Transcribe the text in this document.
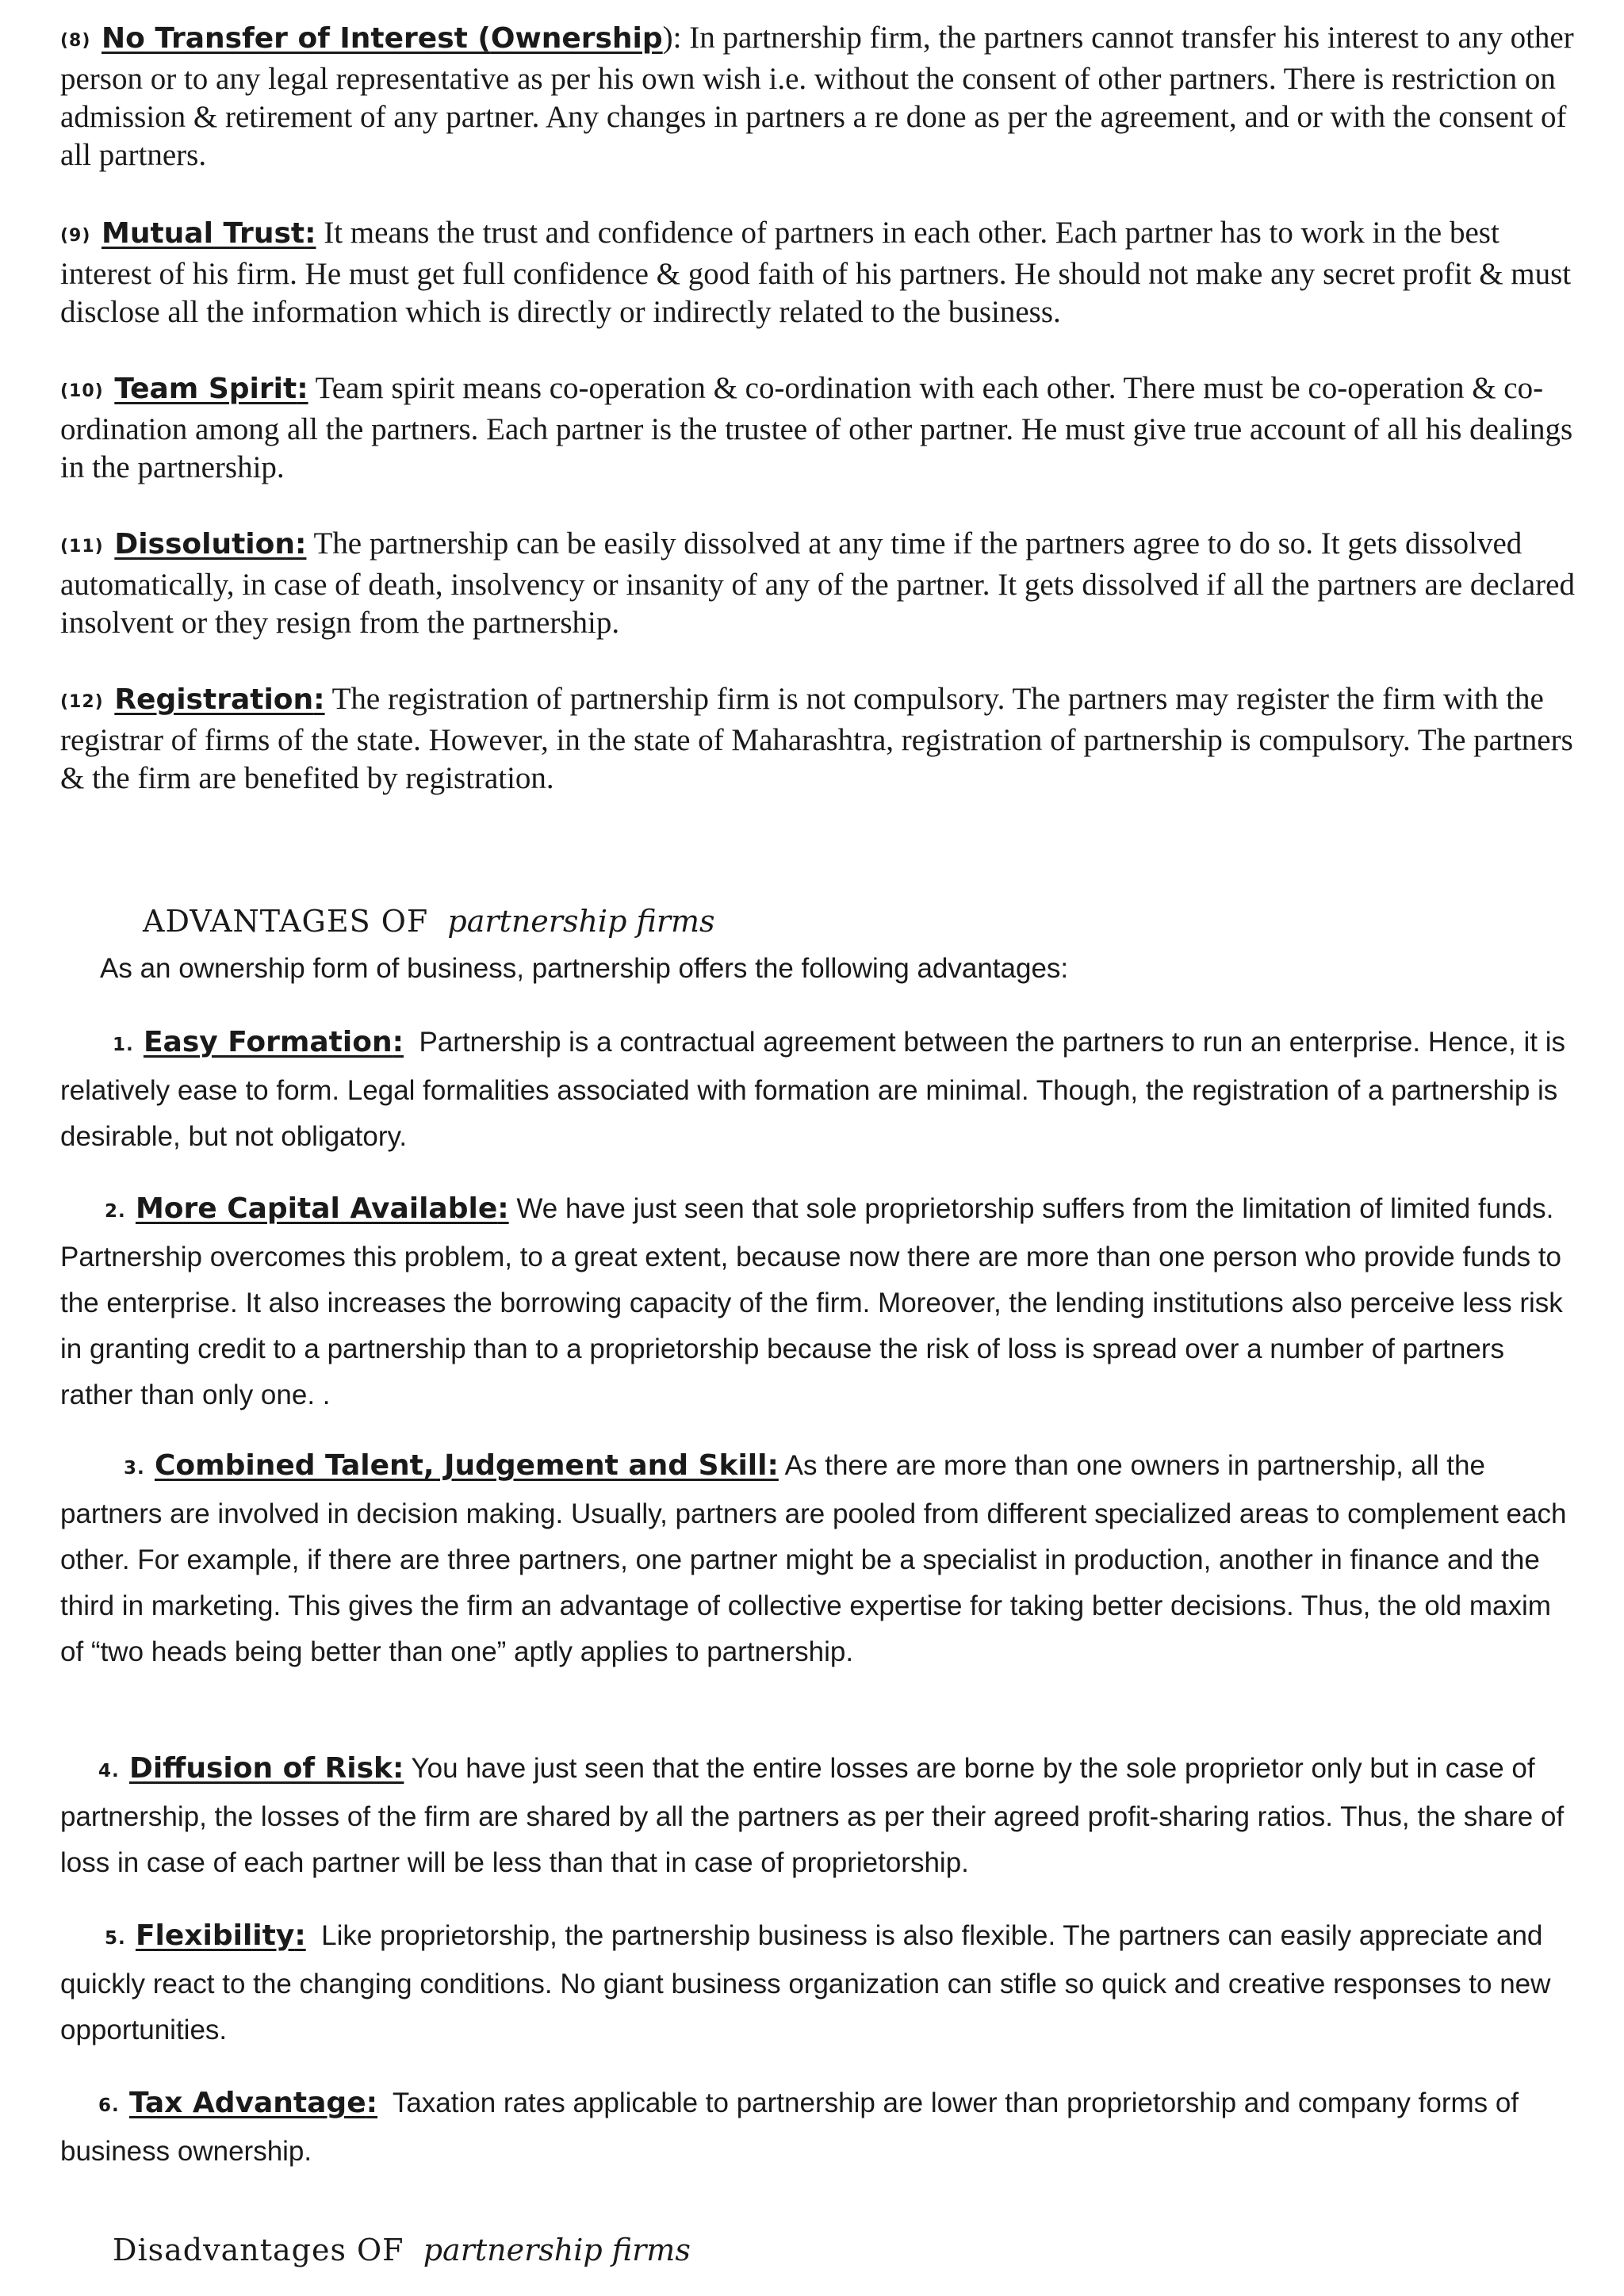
(8) No Transfer of Interest (Ownership): In partnership firm, the partners cannot transfer his interest to any other person or to any legal representative as per his own wish i.e. without the consent of other partners. There is restriction on admission & retirement of any partner. Any changes in partners a re done as per the agreement, and or with the consent of all partners.

(9) Mutual Trust: It means the trust and confidence of partners in each other. Each partner has to work in the best interest of his firm. He must get full confidence & good faith of his partners. He should not make any secret profit & must disclose all the information which is directly or indirectly related to the business.

(10) Team Spirit: Team spirit means co-operation & co-ordination with each other. There must be co-operation & co-ordination among all the partners. Each partner is the trustee of other partner. He must give true account of all his dealings in the partnership.

(11) Dissolution: The partnership can be easily dissolved at any time if the partners agree to do so. It gets dissolved automatically, in case of death, insolvency or insanity of any of the partner. It gets dissolved if all the partners are declared insolvent or they resign from the partnership.

(12) Registration: The registration of partnership firm is not compulsory. The partners may register the firm with the registrar of firms of the state. However, in the state of Maharashtra, registration of partnership is compulsory. The partners & the firm are benefited by registration.

ADVANTAGES OF partnership firms

As an ownership form of business, partnership offers the following advantages:

1. Easy Formation: Partnership is a contractual agreement between the partners to run an enterprise. Hence, it is relatively ease to form. Legal formalities associated with formation are minimal. Though, the registration of a partnership is desirable, but not obligatory.

2. More Capital Available: We have just seen that sole proprietorship suffers from the limitation of limited funds. Partnership overcomes this problem, to a great extent, because now there are more than one person who provide funds to the enterprise. It also increases the borrowing capacity of the firm. Moreover, the lending institutions also perceive less risk in granting credit to a partnership than to a proprietorship because the risk of loss is spread over a number of partners rather than only one. .

3. Combined Talent, Judgement and Skill: As there are more than one owners in partnership, all the partners are involved in decision making. Usually, partners are pooled from different specialized areas to complement each other. For example, if there are three partners, one partner might be a specialist in production, another in finance and the third in marketing. This gives the firm an advantage of collective expertise for taking better decisions. Thus, the old maxim of “two heads being better than one” aptly applies to partnership.

4. Diffusion of Risk: You have just seen that the entire losses are borne by the sole proprietor only but in case of partnership, the losses of the firm are shared by all the partners as per their agreed profit-sharing ratios. Thus, the share of loss in case of each partner will be less than that in case of proprietorship.

5. Flexibility: Like proprietorship, the partnership business is also flexible. The partners can easily appreciate and quickly react to the changing conditions. No giant business organization can stifle so quick and creative responses to new opportunities.

6. Tax Advantage: Taxation rates applicable to partnership are lower than proprietorship and company forms of business ownership.

Disadvantages OF partnership firms
